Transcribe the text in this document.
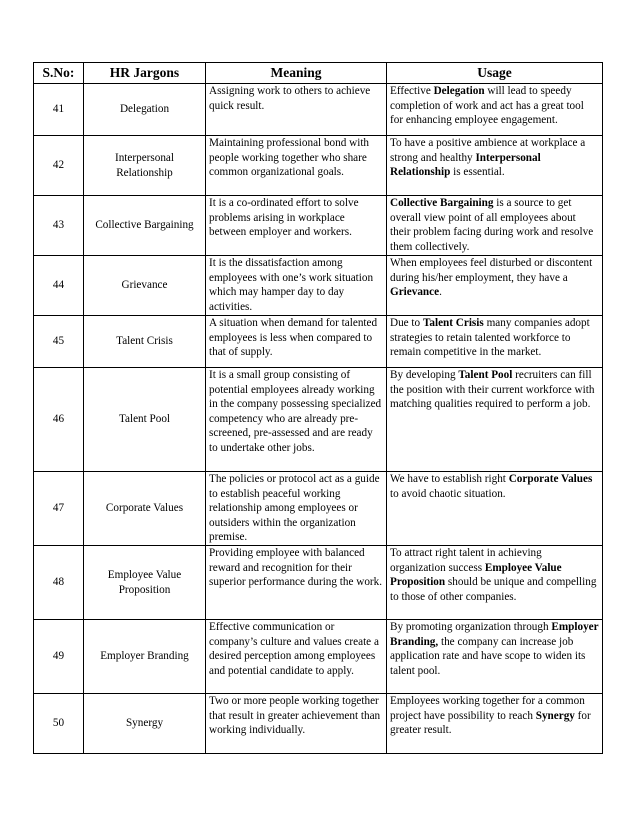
S.No:	HR Jargons	Meaning	Usage
41	Delegation	Assigning work to others to achieve quick result.	Effective Delegation will lead to speedy completion of work and act has a great tool for enhancing employee engagement.
42	Interpersonal Relationship	Maintaining professional bond with people working together who share common organizational goals.	To have a positive ambience at workplace a strong and healthy Interpersonal Relationship is essential.
43	Collective Bargaining	It is a co-ordinated effort to solve problems arising in workplace between employer and workers.	Collective Bargaining is a source to get overall view point of all employees about their problem facing during work and resolve them collectively.
44	Grievance	It is the dissatisfaction among employees with one’s work situation which may hamper day to day activities.	When employees feel disturbed or discontent during his/her employment, they have a Grievance.
45	Talent Crisis	A situation when demand for talented employees is less when compared to that of supply.	Due to Talent Crisis many companies adopt strategies to retain talented workforce to remain competitive in the market.
46	Talent Pool	It is a small group consisting of potential employees already working in the company possessing specialized competency who are already pre-screened, pre-assessed and are ready to undertake other jobs.	By developing Talent Pool recruiters can fill the position with their current workforce with matching qualities required to perform a job.
47	Corporate Values	The policies or protocol act as a guide to establish peaceful working relationship among employees or outsiders within the organization premise.	We have to establish right Corporate Values to avoid chaotic situation.
48	Employee Value Proposition	Providing employee with balanced reward and recognition for their superior performance during the work.	To attract right talent in achieving organization success Employee Value Proposition should be unique and compelling to those of other companies.
49	Employer Branding	Effective communication or company’s culture and values create a desired perception among employees and potential candidate to apply.	By promoting organization through Employer Branding, the company can increase job application rate and have scope to widen its talent pool.
50	Synergy	Two or more people working together that result in greater achievement than working individually.	Employees working together for a common project have possibility to reach Synergy for greater result.
